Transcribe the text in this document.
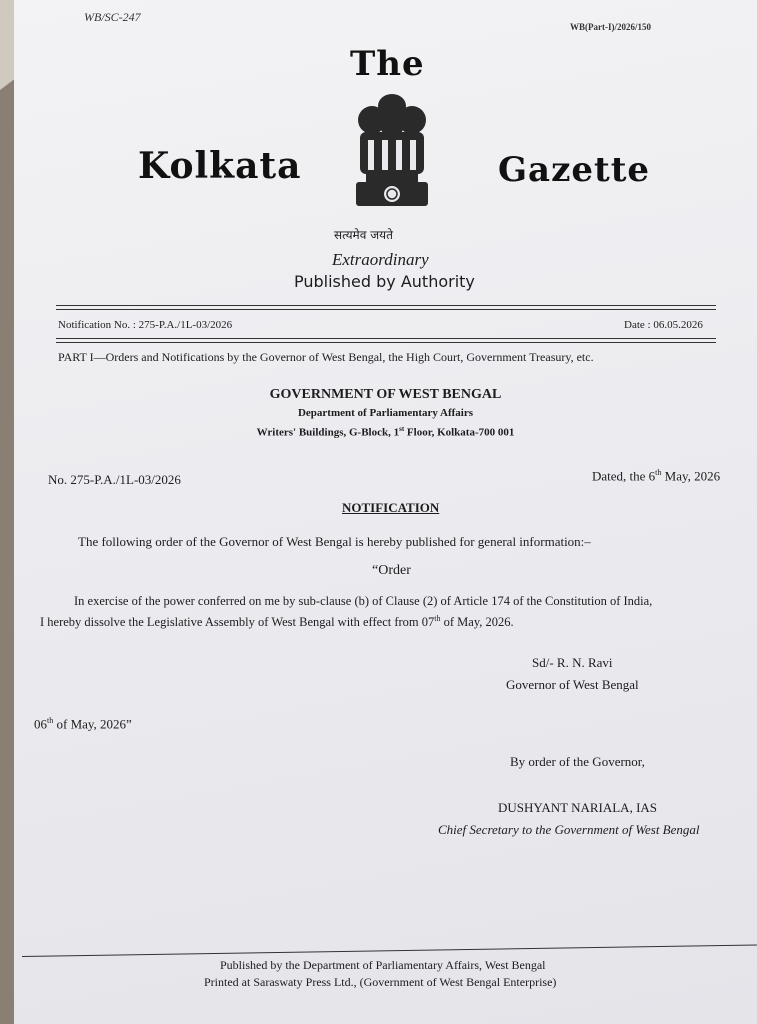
WB/SC-247
WB(Part-I)/2026/150
The
Kolkata	Gazette
सत्यमेव जयते
Extraordinary
Published by Authority
Notification No. : 275-P.A./1L-03/2026	Date : 06.05.2026
PART I—Orders and Notifications by the Governor of West Bengal, the High Court, Government Treasury, etc.
GOVERNMENT OF WEST BENGAL
Department of Parliamentary Affairs
Writers' Buildings, G-Block, 1st Floor, Kolkata-700 001
No. 275-P.A./1L-03/2026	Dated, the 6th May, 2026
NOTIFICATION
The following order of the Governor of West Bengal is hereby published for general information:–
“Order
In exercise of the power conferred on me by sub-clause (b) of Clause (2) of Article 174 of the Constitution of India,
I hereby dissolve the Legislative Assembly of West Bengal with effect from 07th of May, 2026.
Sd/- R. N. Ravi
Governor of West Bengal
06th of May, 2026”
By order of the Governor,
DUSHYANT NARIALA, IAS
Chief Secretary to the Government of West Bengal
Published by the Department of Parliamentary Affairs, West Bengal
Printed at Saraswaty Press Ltd., (Government of West Bengal Enterprise)
